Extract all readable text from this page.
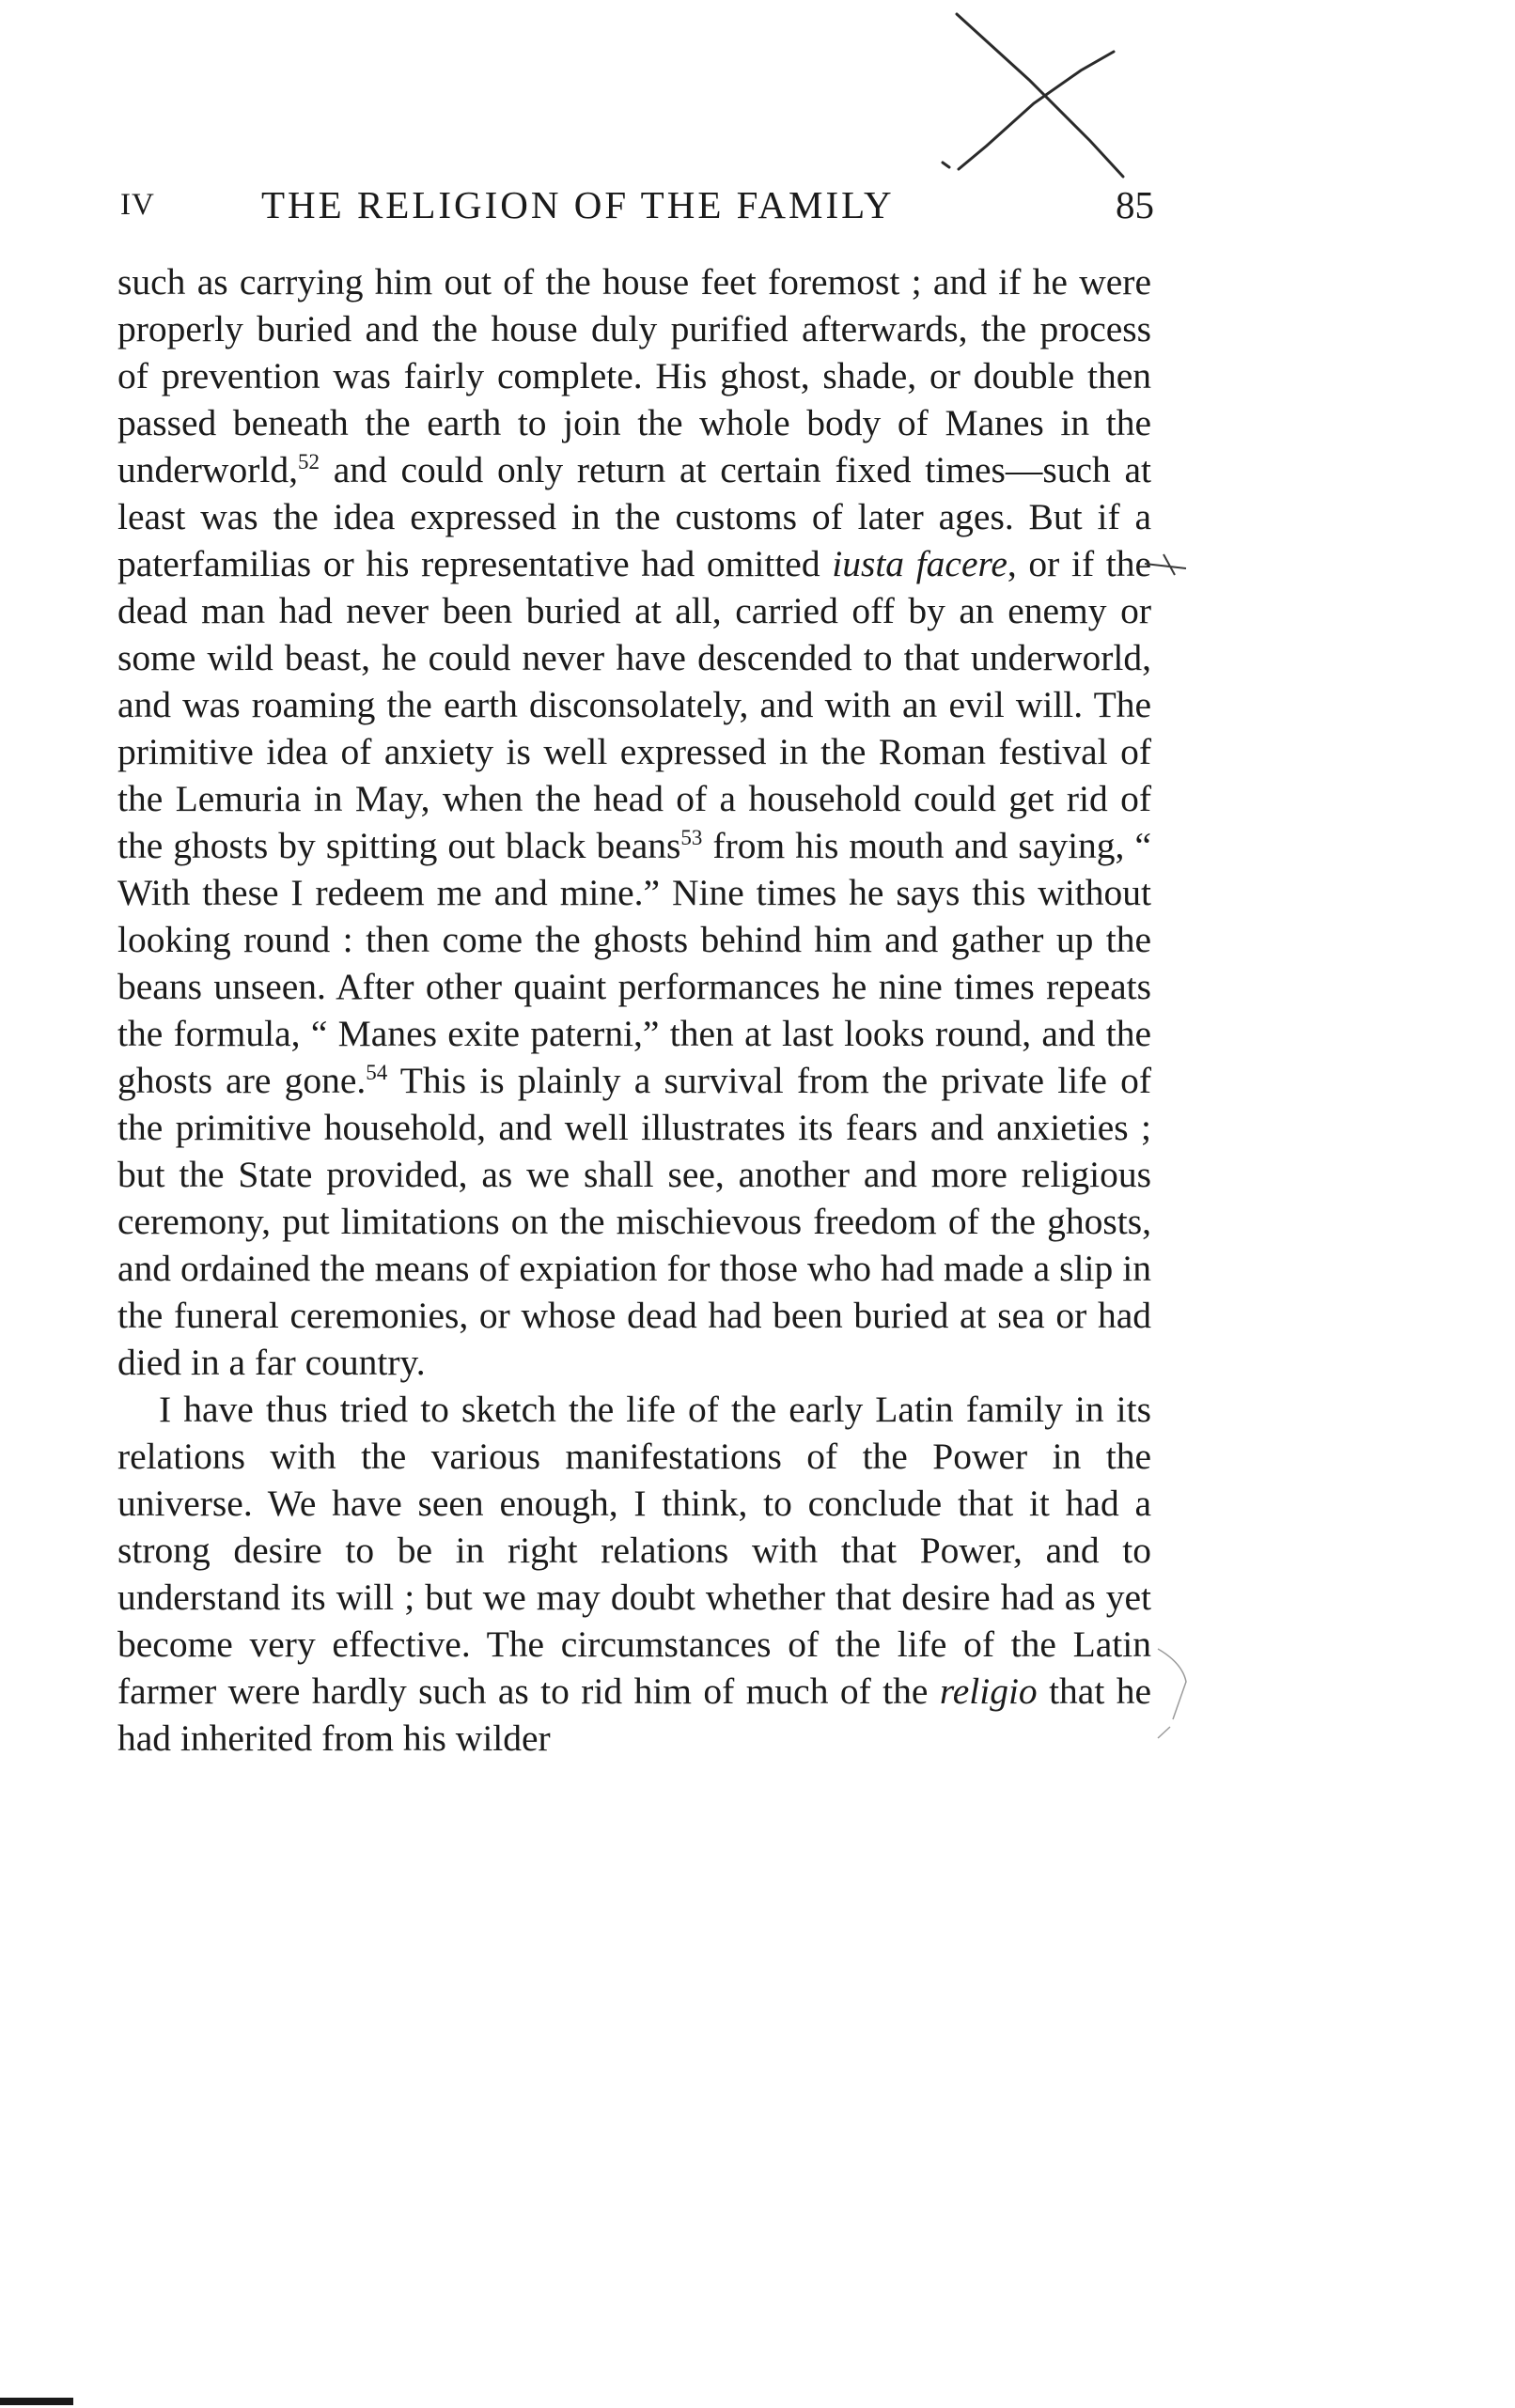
IV	THE RELIGION OF THE FAMILY	85

such as carrying him out of the house feet foremost ; and if he were properly buried and the house duly purified afterwards, the process of prevention was fairly complete. His ghost, shade, or double then passed beneath the earth to join the whole body of Manes in the underworld,$^{52}$ and could only return at certain fixed times—such at least was the idea expressed in the customs of later ages. But if a paterfamilias or his representative had omitted iusta facere, or if the dead man had never been buried at all, carried off by an enemy or some wild beast, he could never have descended to that underworld, and was roaming the earth disconsolately, and with an evil will. The primitive idea of anxiety is well expressed in the Roman festival of the Lemuria in May, when the head of a household could get rid of the ghosts by spitting out black beans$^{53}$ from his mouth and saying, “ With these I redeem me and mine.” Nine times he says this without looking round : then come the ghosts behind him and gather up the beans unseen. After other quaint performances he nine times repeats the formula, “ Manes exite paterni,” then at last looks round, and the ghosts are gone.$^{54}$ This is plainly a survival from the private life of the primitive household, and well illustrates its fears and anxieties ; but the State provided, as we shall see, another and more religious ceremony, put limitations on the mischievous freedom of the ghosts, and ordained the means of expiation for those who had made a slip in the funeral ceremonies, or whose dead had been buried at sea or had died in a far country.

I have thus tried to sketch the life of the early Latin family in its relations with the various manifestations of the Power in the universe. We have seen enough, I think, to conclude that it had a strong desire to be in right relations with that Power, and to understand its will ; but we may doubt whether that desire had as yet become very effective. The circumstances of the life of the Latin farmer were hardly such as to rid him of much of the religio that he had inherited from his wilder
